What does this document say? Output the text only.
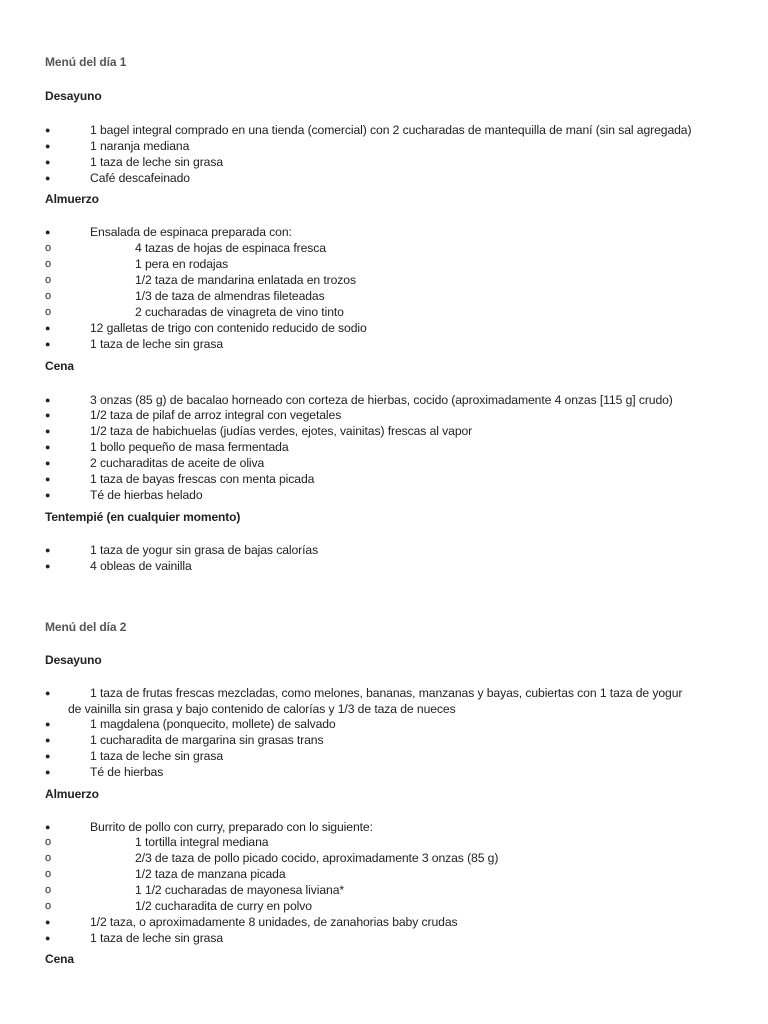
Menú del día 1
Desayuno
●	1 bagel integral comprado en una tienda (comercial) con 2 cucharadas de mantequilla de maní (sin sal agregada)
●	1 naranja mediana
●	1 taza de leche sin grasa
●	Café descafeinado
Almuerzo
●	Ensalada de espinaca preparada con:
o	4 tazas de hojas de espinaca fresca
o	1 pera en rodajas
o	1/2 taza de mandarina enlatada en trozos
o	1/3 de taza de almendras fileteadas
o	2 cucharadas de vinagreta de vino tinto
●	12 galletas de trigo con contenido reducido de sodio
●	1 taza de leche sin grasa
Cena
●	3 onzas (85 g) de bacalao horneado con corteza de hierbas, cocido (aproximadamente 4 onzas [115 g] crudo)
●	1/2 taza de pilaf de arroz integral con vegetales
●	1/2 taza de habichuelas (judías verdes, ejotes, vainitas) frescas al vapor
●	1 bollo pequeño de masa fermentada
●	2 cucharaditas de aceite de oliva
●	1 taza de bayas frescas con menta picada
●	Té de hierbas helado
Tentempié (en cualquier momento)
●	1 taza de yogur sin grasa de bajas calorías
●	4 obleas de vainilla
Menú del día 2
Desayuno
●	1 taza de frutas frescas mezcladas, como melones, bananas, manzanas y bayas, cubiertas con 1 taza de yogur
de vainilla sin grasa y bajo contenido de calorías y 1/3 de taza de nueces
●	1 magdalena (ponquecito, mollete) de salvado
●	1 cucharadita de margarina sin grasas trans
●	1 taza de leche sin grasa
●	Té de hierbas
Almuerzo
●	Burrito de pollo con curry, preparado con lo siguiente:
o	1 tortilla integral mediana
o	2/3 de taza de pollo picado cocido, aproximadamente 3 onzas (85 g)
o	1/2 taza de manzana picada
o	1 1/2 cucharadas de mayonesa liviana*
o	1/2 cucharadita de curry en polvo
●	1/2 taza, o aproximadamente 8 unidades, de zanahorias baby crudas
●	1 taza de leche sin grasa
Cena
